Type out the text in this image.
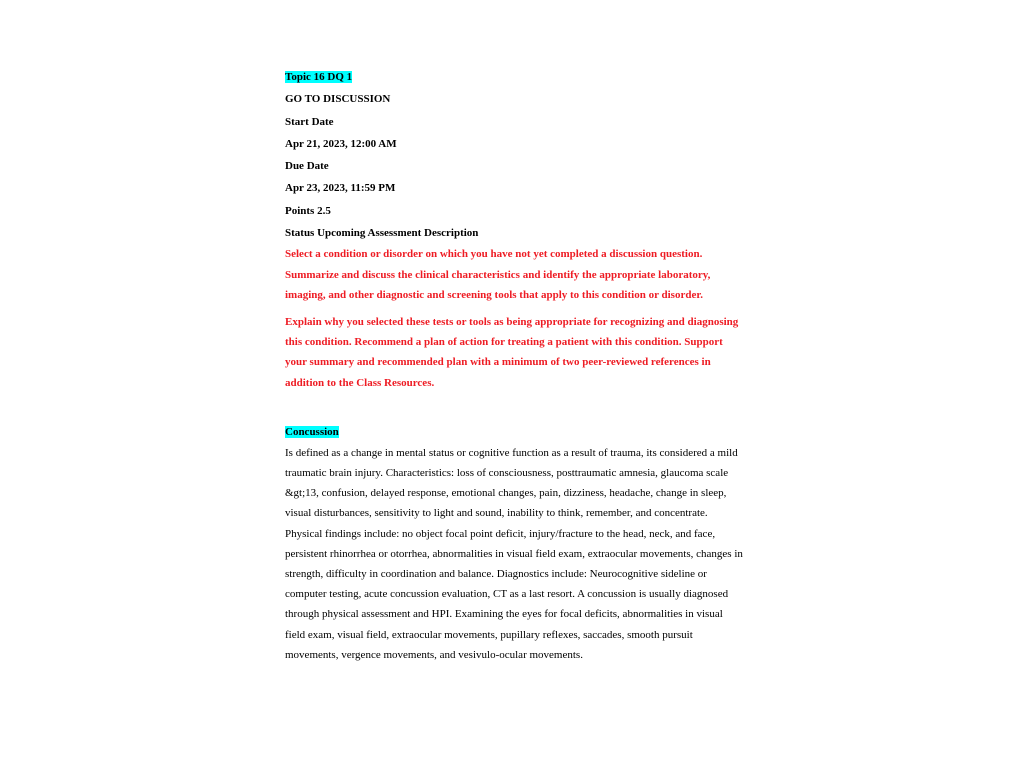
Topic 16 DQ 1
GO TO DISCUSSION
Start Date
Apr 21, 2023, 12:00 AM
Due Date
Apr 23, 2023, 11:59 PM
Points 2.5
Status Upcoming Assessment Description

Select a condition or disorder on which you have not yet completed a discussion question. Summarize and discuss the clinical characteristics and identify the appropriate laboratory, imaging, and other diagnostic and screening tools that apply to this condition or disorder.

Explain why you selected these tests or tools as being appropriate for recognizing and diagnosing this condition. Recommend a plan of action for treating a patient with this condition. Support your summary and recommended plan with a minimum of two peer-reviewed references in addition to the Class Resources.

Concussion

Is defined as a change in mental status or cognitive function as a result of trauma, its considered a mild traumatic brain injury. Characteristics: loss of consciousness, posttraumatic amnesia, glaucoma scale &gt;13, confusion, delayed response, emotional changes, pain, dizziness, headache, change in sleep, visual disturbances, sensitivity to light and sound, inability to think, remember, and concentrate. Physical findings include: no object focal point deficit, injury/fracture to the head, neck, and face, persistent rhinorrhea or otorrhea, abnormalities in visual field exam, extraocular movements, changes in strength, difficulty in coordination and balance. Diagnostics include: Neurocognitive sideline or computer testing, acute concussion evaluation, CT as a last resort. A concussion is usually diagnosed through physical assessment and HPI. Examining the eyes for focal deficits, abnormalities in visual field exam, visual field, extraocular movements, pupillary reflexes, saccades, smooth pursuit movements, vergence movements, and vesivulo-ocular movements.
